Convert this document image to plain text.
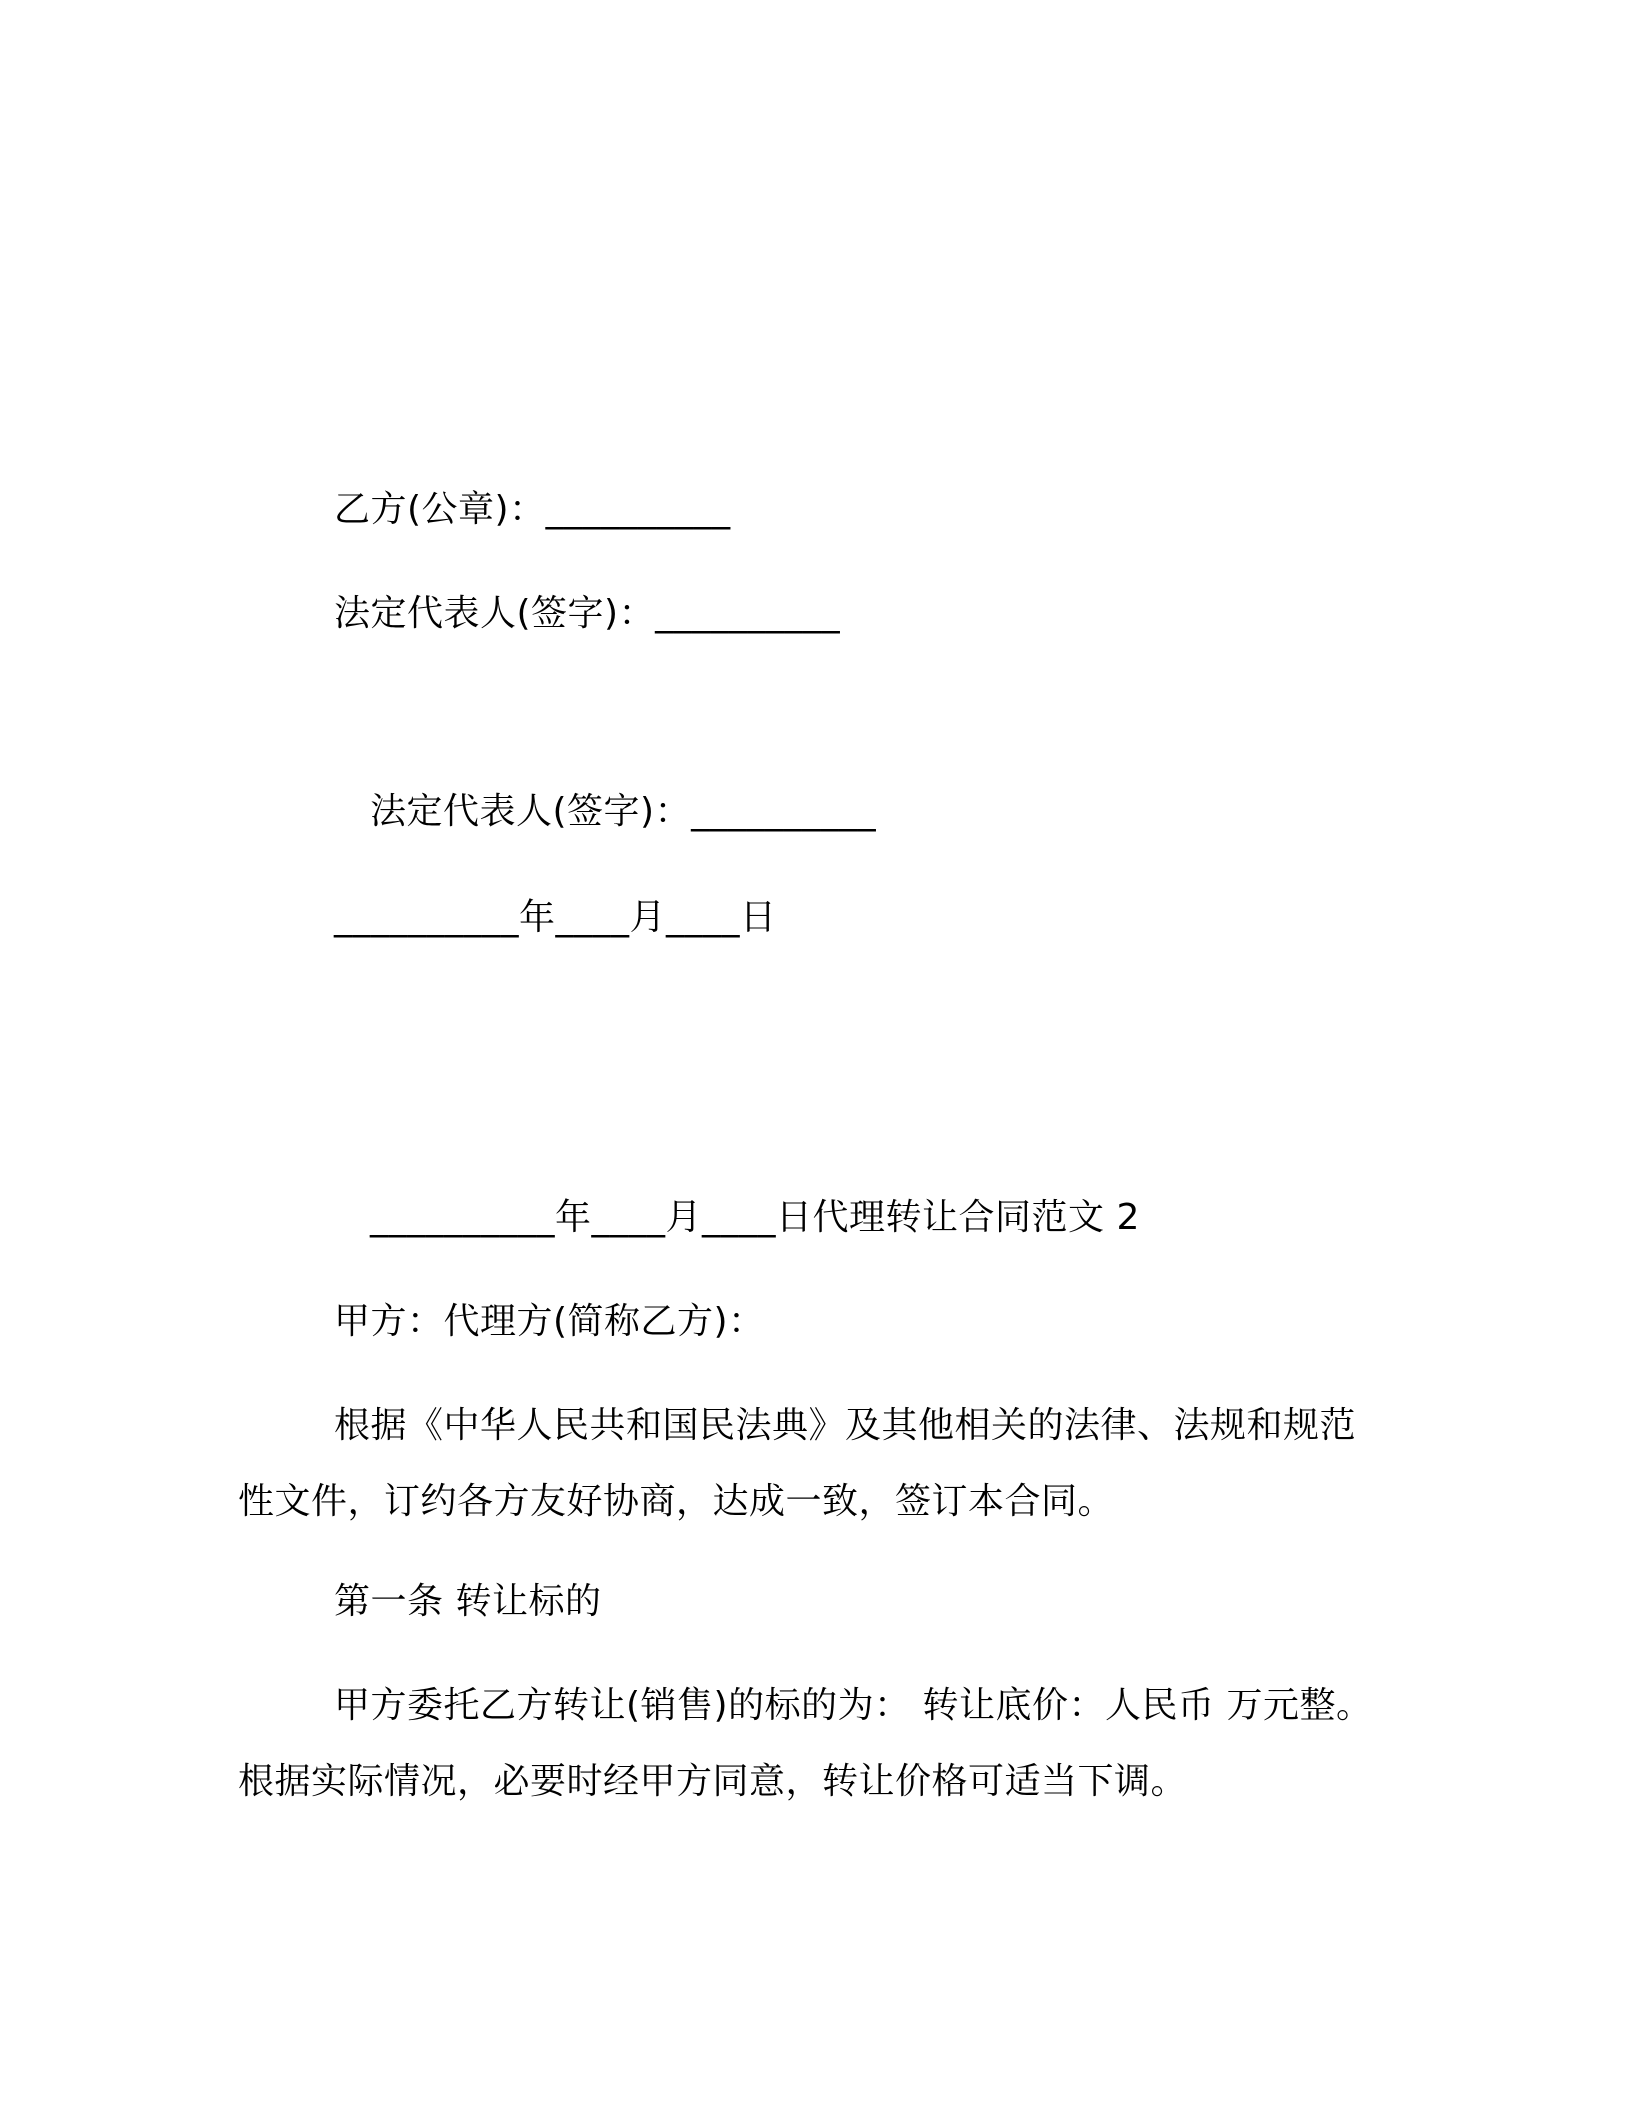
乙方(公章)：__________
法定代表人(签字)：__________
法定代表人(签字)：__________
__________年____月____日
__________年____月____日代理转让合同范文 2
甲方：代理方(简称乙方)：
根据《中华人民共和国民法典》及其他相关的法律、法规和规范
性文件，订约各方友好协商，达成一致，签订本合同。
第一条 转让标的
甲方委托乙方转让(销售)的标的为： 转让底价：人民币 万元整。
根据实际情况，必要时经甲方同意，转让价格可适当下调。
